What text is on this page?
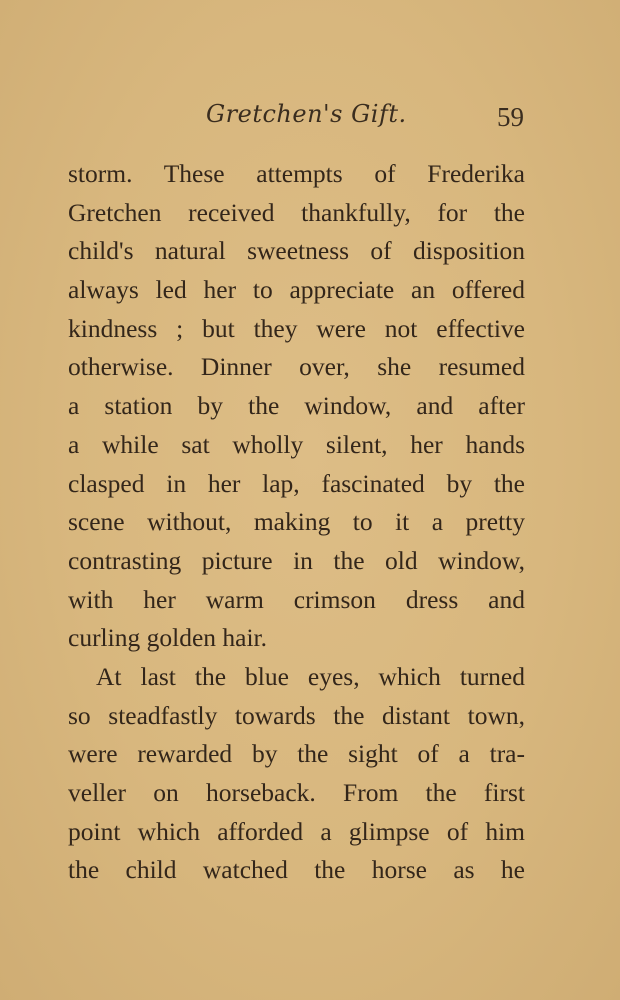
Gretchen's Gift.	59
storm. These attempts of Frederika
Gretchen received thankfully, for the
child's natural sweetness of disposition
always led her to appreciate an offered
kindness ; but they were not effective
otherwise. Dinner over, she resumed
a station by the window, and after
a while sat wholly silent, her hands
clasped in her lap, fascinated by the
scene without, making to it a pretty
contrasting picture in the old window,
with her warm crimson dress and
curling golden hair.
At last the blue eyes, which turned
so steadfastly towards the distant town,
were rewarded by the sight of a tra-
veller on horseback. From the first
point which afforded a glimpse of him
the child watched the horse as he
